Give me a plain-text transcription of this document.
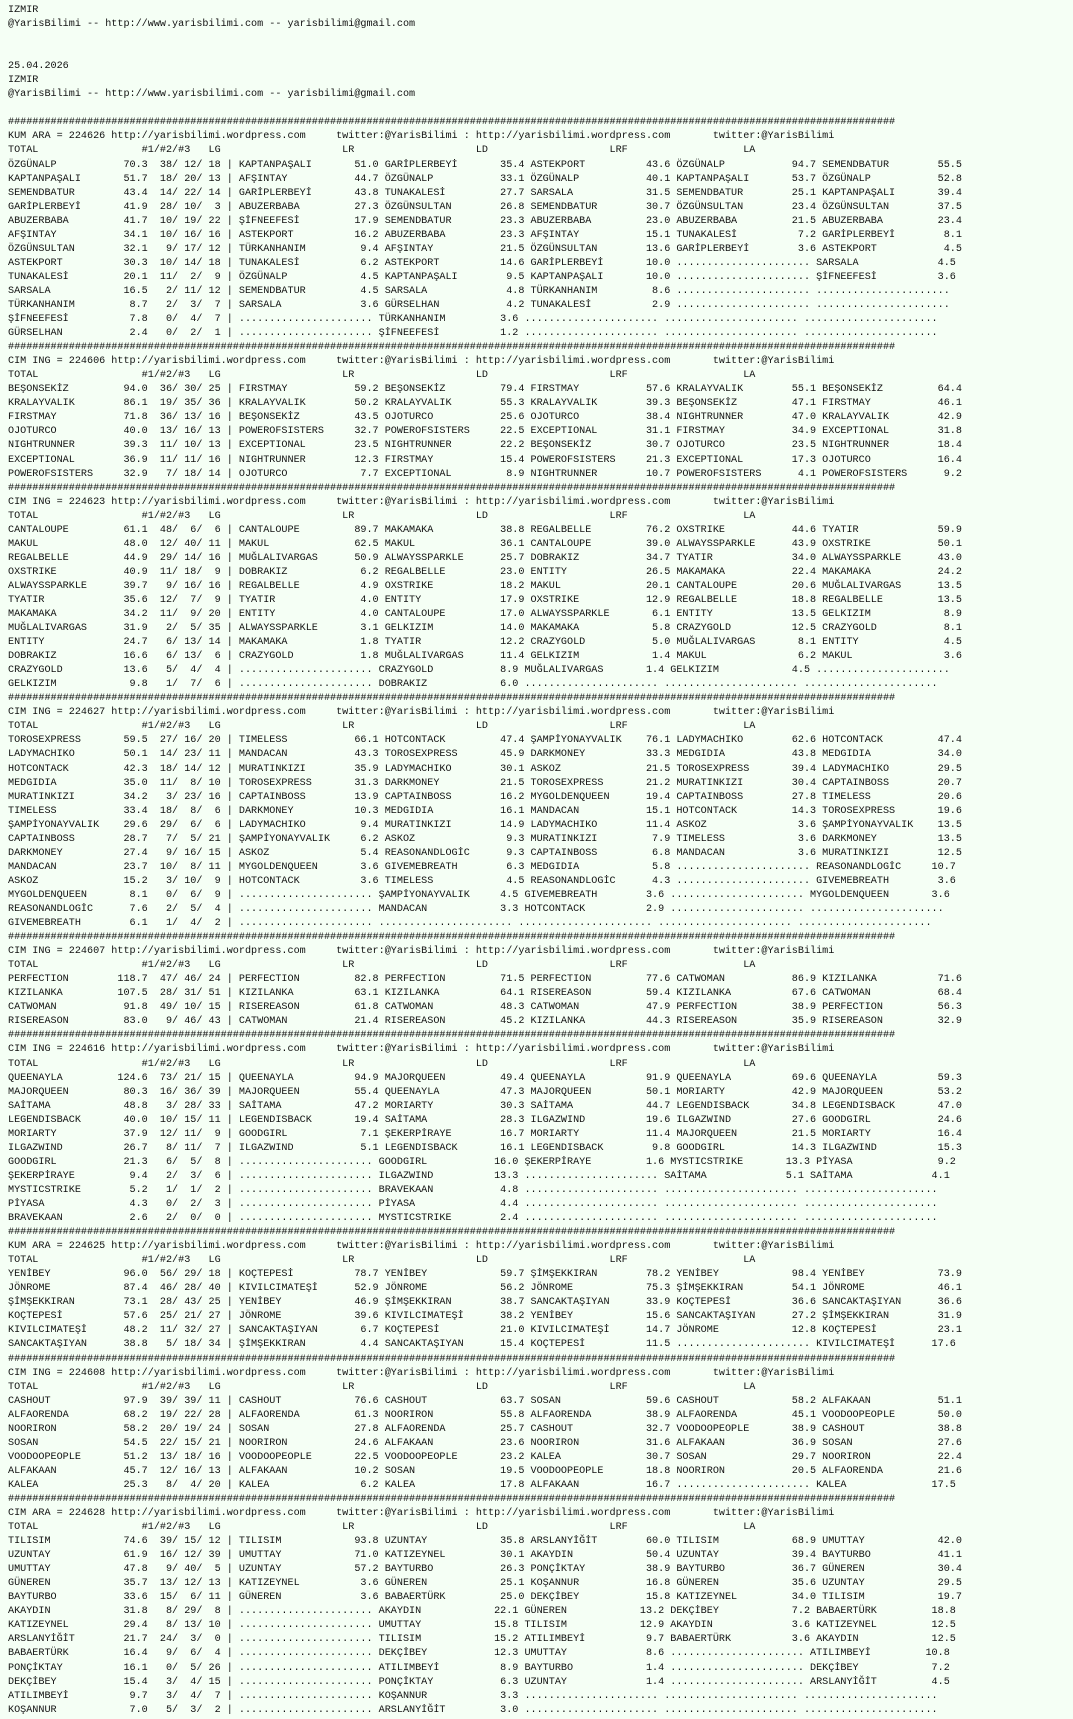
IZMIR
@YarisBilimi -- http://www.yarisbilimi.com -- yarisbilimi@gmail.com

25.04.2026
IZMIR
@YarisBilimi -- http://www.yarisbilimi.com -- yarisbilimi@gmail.com

##################################################################################################################################################
KUM ARA = 224626 http://yarisbilimi.wordpress.com     twitter:@YarisBilimi : http://yarisbilimi.wordpress.com       twitter:@YarisBilimi
TOTAL                 #1/#2/#3   LG                    LR                    LD                    LRF                   LA
ÖZGÜNALP           70.3  38/ 12/ 18 | KAPTANPAŞALI       51.0 GARİPLERBEYİ       35.4 ASTEKPORT          43.6 ÖZGÜNALP           94.7 SEMENDBATUR        55.5
KAPTANPAŞALI       51.7  18/ 20/ 13 | AFŞINTAY           44.7 ÖZGÜNALP           33.1 ÖZGÜNALP           40.1 KAPTANPAŞALI       53.7 ÖZGÜNALP           52.8
SEMENDBATUR        43.4  14/ 22/ 14 | GARİPLERBEYİ       43.8 TUNAKALESİ         27.7 SARSALA            31.5 SEMENDBATUR        25.1 KAPTANPAŞALI       39.4
GARİPLERBEYİ       41.9  28/ 10/  3 | ABUZERBABA         27.3 ÖZGÜNSULTAN        26.8 SEMENDBATUR        30.7 ÖZGÜNSULTAN        23.4 ÖZGÜNSULTAN        37.5
ABUZERBABA         41.7  10/ 19/ 22 | ŞİFNEEFESİ         17.9 SEMENDBATUR        23.3 ABUZERBABA         23.0 ABUZERBABA         21.5 ABUZERBABA         23.4
AFŞINTAY           34.1  10/ 16/ 16 | ASTEKPORT          16.2 ABUZERBABA         23.3 AFŞINTAY           15.1 TUNAKALESİ          7.2 GARİPLERBEYİ        8.1
ÖZGÜNSULTAN        32.1   9/ 17/ 12 | TÜRKANHANIM         9.4 AFŞINTAY           21.5 ÖZGÜNSULTAN        13.6 GARİPLERBEYİ        3.6 ASTEKPORT           4.5
ASTEKPORT          30.3  10/ 14/ 18 | TUNAKALESİ          6.2 ASTEKPORT          14.6 GARİPLERBEYİ       10.0 ...................... SARSALA             4.5
TUNAKALESİ         20.1  11/  2/  9 | ÖZGÜNALP            4.5 KAPTANPAŞALI        9.5 KAPTANPAŞALI       10.0 ...................... ŞİFNEEFESİ          3.6
SARSALA            16.5   2/ 11/ 12 | SEMENDBATUR         4.5 SARSALA             4.8 TÜRKANHANIM         8.6 ...................... ......................
TÜRKANHANIM         8.7   2/  3/  7 | SARSALA             3.6 GÜRSELHAN           4.2 TUNAKALESİ          2.9 ...................... ......................
ŞİFNEEFESİ          7.8   0/  4/  7 | ...................... TÜRKANHANIM         3.6 ...................... ...................... ......................
GÜRSELHAN           2.4   0/  2/  1 | ...................... ŞİFNEEFESİ          1.2 ...................... ...................... ......................
##################################################################################################################################################
CIM ING = 224606 http://yarisbilimi.wordpress.com     twitter:@YarisBilimi : http://yarisbilimi.wordpress.com       twitter:@YarisBilimi
TOTAL                 #1/#2/#3   LG                    LR                    LD                    LRF                   LA
BEŞONSEKİZ         94.0  36/ 30/ 25 | FIRSTMAY           59.2 BEŞONSEKİZ         79.4 FIRSTMAY           57.6 KRALAYVALIK        55.1 BEŞONSEKİZ         64.4
KRALAYVALIK        86.1  19/ 35/ 36 | KRALAYVALIK        50.2 KRALAYVALIK        55.3 KRALAYVALIK        39.3 BEŞONSEKİZ         47.1 FIRSTMAY           46.1
FIRSTMAY           71.8  36/ 13/ 16 | BEŞONSEKİZ         43.5 OJOTURCO           25.6 OJOTURCO           38.4 NIGHTRUNNER        47.0 KRALAYVALIK        42.9
OJOTURCO           40.0  13/ 16/ 13 | POWEROFSISTERS     32.7 POWEROFSISTERS     22.5 EXCEPTIONAL        31.1 FIRSTMAY           34.9 EXCEPTIONAL        31.8
NIGHTRUNNER        39.3  11/ 10/ 13 | EXCEPTIONAL        23.5 NIGHTRUNNER        22.2 BEŞONSEKİZ         30.7 OJOTURCO           23.5 NIGHTRUNNER        18.4
EXCEPTIONAL        36.9  11/ 11/ 16 | NIGHTRUNNER        12.3 FIRSTMAY           15.4 POWEROFSISTERS     21.3 EXCEPTIONAL        17.3 OJOTURCO           16.4
POWEROFSISTERS     32.9   7/ 18/ 14 | OJOTURCO            7.7 EXCEPTIONAL         8.9 NIGHTRUNNER        10.7 POWEROFSISTERS      4.1 POWEROFSISTERS      9.2
##################################################################################################################################################
CIM ING = 224623 http://yarisbilimi.wordpress.com     twitter:@YarisBilimi : http://yarisbilimi.wordpress.com       twitter:@YarisBilimi
TOTAL                 #1/#2/#3   LG                    LR                    LD                    LRF                   LA
CANTALOUPE         61.1  48/  6/  6 | CANTALOUPE         89.7 MAKAMAKA           38.8 REGALBELLE         76.2 OXSTRIKE           44.6 TYATIR             59.9
MAKUL              48.0  12/ 40/ 11 | MAKUL              62.5 MAKUL              36.1 CANTALOUPE         39.0 ALWAYSSPARKLE      43.9 OXSTRIKE           50.1
REGALBELLE         44.9  29/ 14/ 16 | MUĞLALIVARGAS      50.9 ALWAYSSPARKLE      25.7 DOBRAKIZ           34.7 TYATIR             34.0 ALWAYSSPARKLE      43.0
OXSTRIKE           40.9  11/ 18/  9 | DOBRAKIZ            6.2 REGALBELLE         23.0 ENTITY             26.5 MAKAMAKA           22.4 MAKAMAKA           24.2
ALWAYSSPARKLE      39.7   9/ 16/ 16 | REGALBELLE          4.9 OXSTRIKE           18.2 MAKUL              20.1 CANTALOUPE         20.6 MUĞLALIVARGAS      13.5
TYATIR             35.6  12/  7/  9 | TYATIR              4.0 ENTITY             17.9 OXSTRIKE           12.9 REGALBELLE         18.8 REGALBELLE         13.5
MAKAMAKA           34.2  11/  9/ 20 | ENTITY              4.0 CANTALOUPE         17.0 ALWAYSSPARKLE       6.1 ENTITY             13.5 GELKIZIM            8.9
MUĞLALIVARGAS      31.9   2/  5/ 35 | ALWAYSSPARKLE       3.1 GELKIZIM           14.0 MAKAMAKA            5.8 CRAZYGOLD          12.5 CRAZYGOLD           8.1
ENTITY             24.7   6/ 13/ 14 | MAKAMAKA            1.8 TYATIR             12.2 CRAZYGOLD           5.0 MUĞLALIVARGAS       8.1 ENTITY              4.5
DOBRAKIZ           16.6   6/ 13/  6 | CRAZYGOLD           1.8 MUĞLALIVARGAS      11.4 GELKIZIM            1.4 MAKUL               6.2 MAKUL               3.6
CRAZYGOLD          13.6   5/  4/  4 | ...................... CRAZYGOLD           8.9 MUĞLALIVARGAS       1.4 GELKIZIM            4.5 ......................
GELKIZIM            9.8   1/  7/  6 | ...................... DOBRAKIZ            6.0 ...................... ...................... ......................
##################################################################################################################################################
CIM ING = 224627 http://yarisbilimi.wordpress.com     twitter:@YarisBilimi : http://yarisbilimi.wordpress.com       twitter:@YarisBilimi
TOTAL                 #1/#2/#3   LG                    LR                    LD                    LRF                   LA
TOROSEXPRESS       59.5  27/ 16/ 20 | TIMELESS           66.1 HOTCONTACK         47.4 ŞAMPİYONAYVALIK    76.1 LADYMACHIKO        62.6 HOTCONTACK         47.4
LADYMACHIKO        50.1  14/ 23/ 11 | MANDACAN           43.3 TOROSEXPRESS       45.9 DARKMONEY          33.3 MEDGIDIA           43.8 MEDGIDIA           34.0
HOTCONTACK         42.3  18/ 14/ 12 | MURATINKIZI        35.9 LADYMACHIKO        30.1 ASKOZ              21.5 TOROSEXPRESS       39.4 LADYMACHIKO        29.5
MEDGIDIA           35.0  11/  8/ 10 | TOROSEXPRESS       31.3 DARKMONEY          21.5 TOROSEXPRESS       21.2 MURATINKIZI        30.4 CAPTAINBOSS        20.7
MURATINKIZI        34.2   3/ 23/ 16 | CAPTAINBOSS        13.9 CAPTAINBOSS        16.2 MYGOLDENQUEEN      19.4 CAPTAINBOSS        27.8 TIMELESS           20.6
TIMELESS           33.4  18/  8/  6 | DARKMONEY          10.3 MEDGIDIA           16.1 MANDACAN           15.1 HOTCONTACK         14.3 TOROSEXPRESS       19.6
ŞAMPİYONAYVALIK    29.6  29/  6/  6 | LADYMACHIKO         9.4 MURATINKIZI        14.9 LADYMACHIKO        11.4 ASKOZ               3.6 ŞAMPİYONAYVALIK    13.5
CAPTAINBOSS        28.7   7/  5/ 21 | ŞAMPİYONAYVALIK     6.2 ASKOZ               9.3 MURATINKIZI         7.9 TIMELESS            3.6 DARKMONEY          13.5
DARKMONEY          27.4   9/ 16/ 15 | ASKOZ               5.4 REASONANDLOGİC      9.3 CAPTAINBOSS         6.8 MANDACAN            3.6 MURATINKIZI        12.5
MANDACAN           23.7  10/  8/ 11 | MYGOLDENQUEEN       3.6 GIVEMEBREATH        6.3 MEDGIDIA            5.8 ...................... REASONANDLOGİC     10.7
ASKOZ              15.2   3/ 10/  9 | HOTCONTACK          3.6 TIMELESS            4.5 REASONANDLOGİC      4.3 ...................... GIVEMEBREATH        3.6
MYGOLDENQUEEN       8.1   0/  6/  9 | ...................... ŞAMPİYONAYVALIK     4.5 GIVEMEBREATH        3.6 ...................... MYGOLDENQUEEN       3.6
REASONANDLOGİC      7.6   2/  5/  4 | ...................... MANDACAN            3.3 HOTCONTACK          2.9 ...................... ......................
GIVEMEBREATH        6.1   1/  4/  2 | ...................... ...................... ...................... ...................... ......................
##################################################################################################################################################
CIM ING = 224607 http://yarisbilimi.wordpress.com     twitter:@YarisBilimi : http://yarisbilimi.wordpress.com       twitter:@YarisBilimi
TOTAL                 #1/#2/#3   LG                    LR                    LD                    LRF                   LA
PERFECTION        118.7  47/ 46/ 24 | PERFECTION         82.8 PERFECTION         71.5 PERFECTION         77.6 CATWOMAN           86.9 KIZILANKA          71.6
KIZILANKA         107.5  28/ 31/ 51 | KIZILANKA          63.1 KIZILANKA          64.1 RISEREASON         59.4 KIZILANKA          67.6 CATWOMAN           68.4
CATWOMAN           91.8  49/ 10/ 15 | RISEREASON         61.8 CATWOMAN           48.3 CATWOMAN           47.9 PERFECTION         38.9 PERFECTION         56.3
RISEREASON         83.0   9/ 46/ 43 | CATWOMAN           21.4 RISEREASON         45.2 KIZILANKA          44.3 RISEREASON         35.9 RISEREASON         32.9
##################################################################################################################################################
CIM ING = 224616 http://yarisbilimi.wordpress.com     twitter:@YarisBilimi : http://yarisbilimi.wordpress.com       twitter:@YarisBilimi
TOTAL                 #1/#2/#3   LG                    LR                    LD                    LRF                   LA
QUEENAYLA         124.6  73/ 21/ 15 | QUEENAYLA          94.9 MAJORQUEEN         49.4 QUEENAYLA          91.9 QUEENAYLA          69.6 QUEENAYLA          59.3
MAJORQUEEN         80.3  16/ 36/ 39 | MAJORQUEEN         55.4 QUEENAYLA          47.3 MAJORQUEEN         50.1 MORIARTY           42.9 MAJORQUEEN         53.2
SAİTAMA            48.8   3/ 28/ 33 | SAİTAMA            47.2 MORIARTY           30.3 SAİTAMA            44.7 LEGENDISBACK       34.8 LEGENDISBACK       47.0
LEGENDISBACK       40.0  10/ 15/ 11 | LEGENDISBACK       19.4 SAİTAMA            28.3 ILGAZWIND          19.6 ILGAZWIND          27.6 GOODGIRL           24.6
MORIARTY           37.9  12/ 11/  9 | GOODGIRL            7.1 ŞEKERPİRAYE        16.7 MORIARTY           11.4 MAJORQUEEN         21.5 MORIARTY           16.4
ILGAZWIND          26.7   8/ 11/  7 | ILGAZWIND           5.1 LEGENDISBACK       16.1 LEGENDISBACK        9.8 GOODGIRL           14.3 ILGAZWIND          15.3
GOODGIRL           21.3   6/  5/  8 | ...................... GOODGIRL           16.0 ŞEKERPİRAYE         1.6 MYSTICSTRIKE       13.3 PİYASA              9.2
ŞEKERPİRAYE         9.4   2/  3/  6 | ...................... ILGAZWIND          13.3 ...................... SAİTAMA             5.1 SAİTAMA             4.1
MYSTICSTRIKE        5.2   1/  1/  2 | ...................... BRAVEKAAN           4.8 ...................... ...................... ......................
PİYASA              4.3   0/  2/  3 | ...................... PİYASA              4.4 ...................... ...................... ......................
BRAVEKAAN           2.6   2/  0/  0 | ...................... MYSTICSTRIKE        2.4 ...................... ...................... ......................
##################################################################################################################################################
KUM ARA = 224625 http://yarisbilimi.wordpress.com     twitter:@YarisBilimi : http://yarisbilimi.wordpress.com       twitter:@YarisBilimi
TOTAL                 #1/#2/#3   LG                    LR                    LD                    LRF                   LA
YENİBEY            96.0  56/ 29/ 18 | KOÇTEPESİ          78.7 YENİBEY            59.7 ŞİMŞEKKIRAN        78.2 YENİBEY            98.4 YENİBEY            73.9
JÖNROME            87.4  46/ 28/ 40 | KIVILCIMATEŞİ      52.9 JÖNROME            56.2 JÖNROME            75.3 ŞİMŞEKKIRAN        54.1 JÖNROME            46.1
ŞİMŞEKKIRAN        73.1  28/ 43/ 25 | YENİBEY            46.9 ŞİMŞEKKIRAN        38.7 SANCAKTAŞIYAN      33.9 KOÇTEPESİ          36.6 SANCAKTAŞIYAN      36.6
KOÇTEPESİ          57.6  25/ 21/ 27 | JÖNROME            39.6 KIVILCIMATEŞİ      38.2 YENİBEY            15.6 SANCAKTAŞIYAN      27.2 ŞİMŞEKKIRAN        31.9
KIVILCIMATEŞİ      48.2  11/ 32/ 27 | SANCAKTAŞIYAN       6.7 KOÇTEPESİ          21.0 KIVILCIMATEŞİ      14.7 JÖNROME            12.8 KOÇTEPESİ          23.1
SANCAKTAŞIYAN      38.8   5/ 18/ 34 | ŞİMŞEKKIRAN         4.4 SANCAKTAŞIYAN      15.4 KOÇTEPESİ          11.5 ...................... KIVILCIMATEŞİ      17.6
##################################################################################################################################################
CIM ING = 224608 http://yarisbilimi.wordpress.com     twitter:@YarisBilimi : http://yarisbilimi.wordpress.com       twitter:@YarisBilimi
TOTAL                 #1/#2/#3   LG                    LR                    LD                    LRF                   LA
CASHOUT            97.9  39/ 39/ 11 | CASHOUT            76.6 CASHOUT            63.7 SOSAN              59.6 CASHOUT            58.2 ALFAKAAN           51.1
ALFAORENDA         68.2  19/ 22/ 28 | ALFAORENDA         61.3 NOORIRON           55.8 ALFAORENDA         38.9 ALFAORENDA         45.1 VOODOOPEOPLE       50.0
NOORIRON           58.2  20/ 19/ 24 | SOSAN              27.8 ALFAORENDA         25.7 CASHOUT            32.7 VOODOOPEOPLE       38.9 CASHOUT            38.8
SOSAN              54.5  22/ 15/ 21 | NOORIRON           24.6 ALFAKAAN           23.6 NOORIRON           31.6 ALFAKAAN           36.9 SOSAN              27.6
VOODOOPEOPLE       51.2  13/ 18/ 16 | VOODOOPEOPLE       22.5 VOODOOPEOPLE       23.2 KALEA              30.7 SOSAN              29.7 NOORIRON           22.4
ALFAKAAN           45.7  12/ 16/ 13 | ALFAKAAN           10.2 SOSAN              19.5 VOODOOPEOPLE       18.8 NOORIRON           20.5 ALFAORENDA         21.6
KALEA              25.3   8/  4/ 20 | KALEA               6.2 KALEA              17.8 ALFAKAAN           16.7 ...................... KALEA              17.5
##################################################################################################################################################
CIM ARA = 224628 http://yarisbilimi.wordpress.com     twitter:@YarisBilimi : http://yarisbilimi.wordpress.com       twitter:@YarisBilimi
TOTAL                 #1/#2/#3   LG                    LR                    LD                    LRF                   LA
TILISIM            74.6  39/ 15/ 12 | TILISIM            93.8 UZUNTAY            35.8 ARSLANYİĞİT        60.0 TILISIM            68.9 UMUTTAY            42.0
UZUNTAY            61.9  16/ 12/ 39 | UMUTTAY            71.0 KATIZEYNEL         30.1 AKAYDIN            50.4 UZUNTAY            39.4 BAYTURBO           41.1
UMUTTAY            47.8   9/ 40/  5 | UZUNTAY            57.2 BAYTURBO           26.3 PONÇİKTAY          38.9 BAYTURBO           36.7 GÜNEREN            30.4
GÜNEREN            35.7  13/ 12/ 13 | KATIZEYNEL          3.6 GÜNEREN            25.1 KOŞANNUR           16.8 GÜNEREN            35.6 UZUNTAY            29.5
BAYTURBO           33.6  15/  6/ 11 | GÜNEREN             3.6 BABAERTÜRK         25.0 DEKÇİBEY           15.8 KATIZEYNEL         34.0 TILISIM            19.7
AKAYDIN            31.8   8/ 29/  8 | ...................... AKAYDIN            22.1 GÜNEREN            13.2 DEKÇİBEY            7.2 BABAERTÜRK         18.8
KATIZEYNEL         29.4   8/ 13/ 10 | ...................... UMUTTAY            15.8 TILISIM            12.9 AKAYDIN             3.6 KATIZEYNEL         12.5
ARSLANYİĞİT        21.7  24/  3/  0 | ...................... TILISIM            15.2 ATILIMBEYİ          9.7 BABAERTÜRK          3.6 AKAYDIN            12.5
BABAERTÜRK         16.4   9/  6/  4 | ...................... DEKÇİBEY           12.3 UMUTTAY             8.6 ...................... ATILIMBEYİ         10.8
PONÇİKTAY          16.1   0/  5/ 26 | ...................... ATILIMBEYİ          8.9 BAYTURBO            1.4 ...................... DEKÇİBEY            7.2
DEKÇİBEY           15.4   3/  4/ 15 | ...................... PONÇİKTAY           6.3 UZUNTAY             1.4 ...................... ARSLANYİĞİT         4.5
ATILIMBEYİ          9.7   3/  4/  7 | ...................... KOŞANNUR            3.3 ...................... ...................... ......................
KOŞANNUR            7.0   5/  3/  2 | ...................... ARSLANYİĞİT         3.0 ...................... ...................... ......................
